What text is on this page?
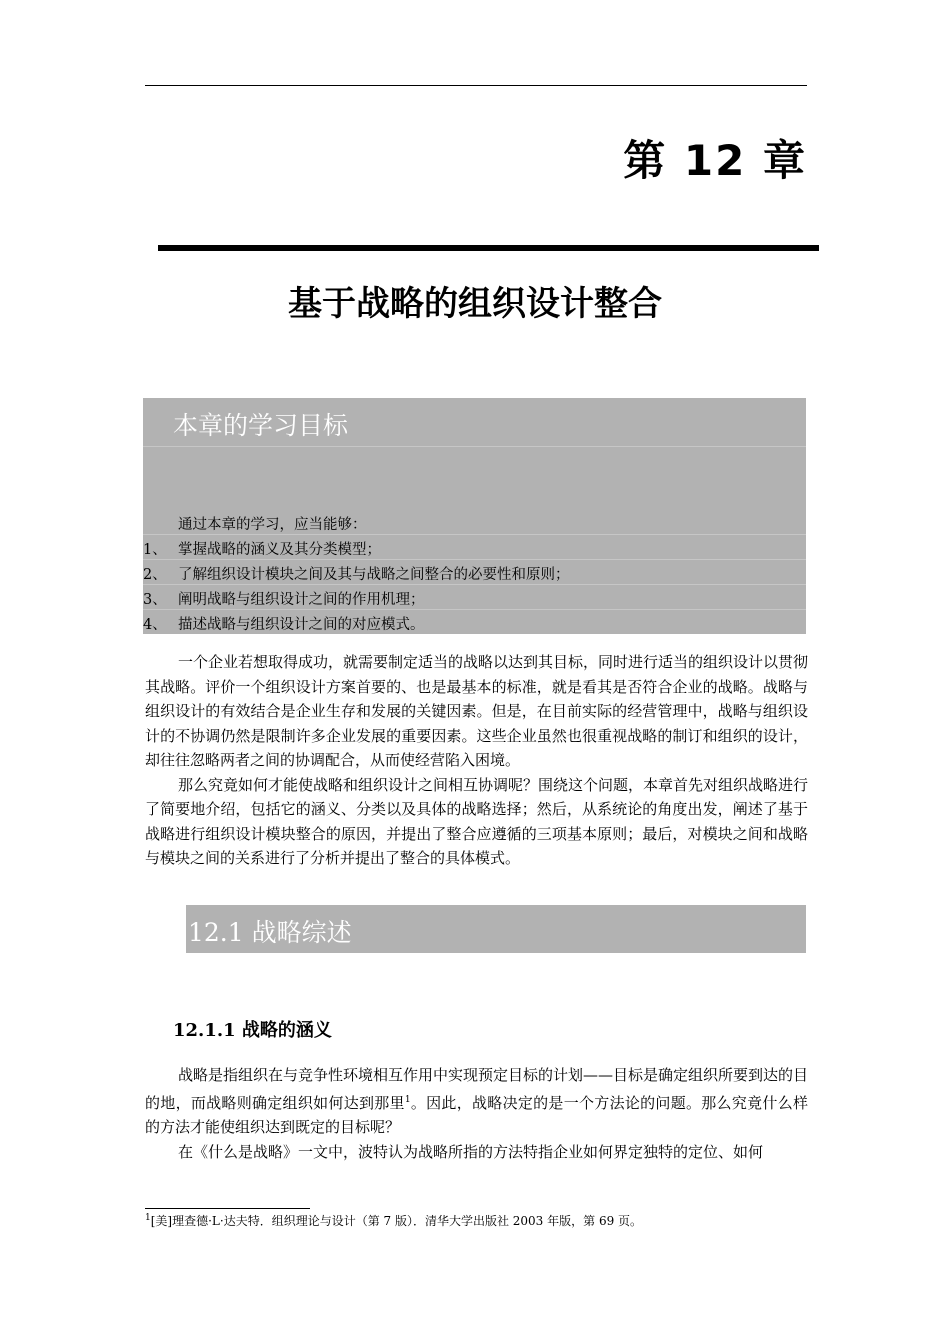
第 12 章
基于战略的组织设计整合
本章的学习目标
通过本章的学习，应当能够：
1、 掌握战略的涵义及其分类模型；
2、 了解组织设计模块之间及其与战略之间整合的必要性和原则；
3、 阐明战略与组织设计之间的作用机理；
4、 描述战略与组织设计之间的对应模式。

一个企业若想取得成功，就需要制定适当的战略以达到其目标，同时进行适当的组织设计以贯彻其战略。评价一个组织设计方案首要的、也是最基本的标准，就是看其是否符合企业的战略。战略与组织设计的有效结合是企业生存和发展的关键因素。但是，在目前实际的经营管理中，战略与组织设计的不协调仍然是限制许多企业发展的重要因素。这些企业虽然也很重视战略的制订和组织的设计，却往往忽略两者之间的协调配合，从而使经营陷入困境。

那么究竟如何才能使战略和组织设计之间相互协调呢？围绕这个问题，本章首先对组织战略进行了简要地介绍，包括它的涵义、分类以及具体的战略选择；然后，从系统论的角度出发，阐述了基于战略进行组织设计模块整合的原因，并提出了整合应遵循的三项基本原则；最后，对模块之间和战略与模块之间的关系进行了分析并提出了整合的具体模式。

12.1 战略综述
12.1.1 战略的涵义

战略是指组织在与竞争性环境相互作用中实现预定目标的计划——目标是确定组织所要到达的目的地，而战略则确定组织如何达到那里$^1$。因此，战略决定的是一个方法论的问题。那么究竟什么样的方法才能使组织达到既定的目标呢？

在《什么是战略》一文中，波特认为战略所指的方法特指企业如何界定独特的定位、如何

$^1$[美]理查德·L·达夫特．组织理论与设计（第 7 版）．清华大学出版社 2003 年版，第 69 页。
